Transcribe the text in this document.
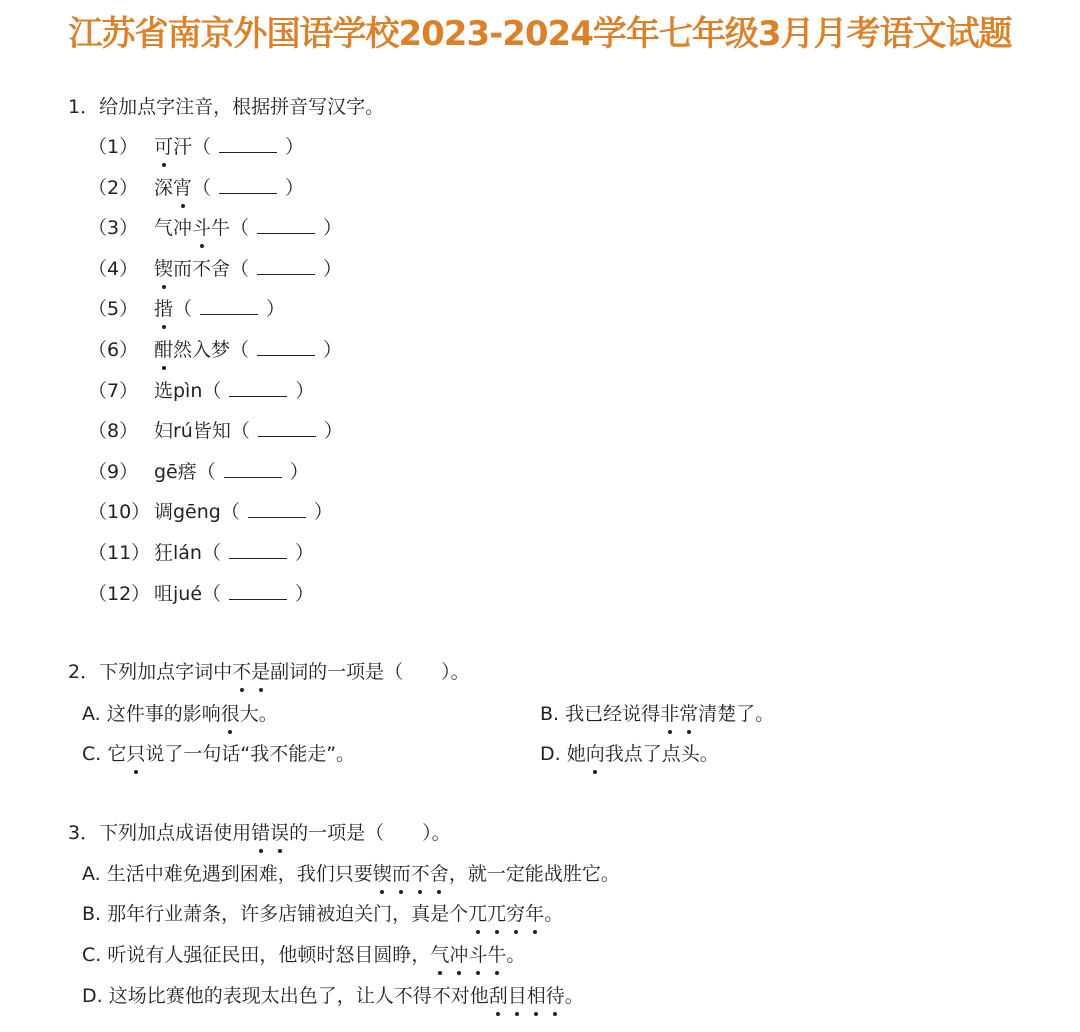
江苏省南京外国语学校2023-2024学年七年级3月月考语文试题
1．给加点字注音，根据拼音写汉字。
（1） 可汗（	）
（2） 深宵（	）
（3） 气冲斗牛（	）
（4） 锲而不舍（	）
（5） 揩（	）
（6） 酣然入梦（	）
（7） 选pìn（	）
（8） 妇rú皆知（	）
（9） gē瘩（	）
（10） 调gēng（	）
（11） 狂lán（	）
（12） 咀jué（	）
2．下列加点字词中不是副词的一项是（　　）。
A. 这件事的影响很大。	B. 我已经说得非常清楚了。
C. 它只说了一句话“我不能走”。	D. 她向我点了点头。
3．下列加点成语使用错误的一项是（　　）。
A. 生活中难免遇到困难，我们只要锲而不舍，就一定能战胜它。
B. 那年行业萧条，许多店铺被迫关门，真是个兀兀穷年。
C. 听说有人强征民田，他顿时怒目圆睁，气冲斗牛。
D. 这场比赛他的表现太出色了，让人不得不对他刮目相待。
